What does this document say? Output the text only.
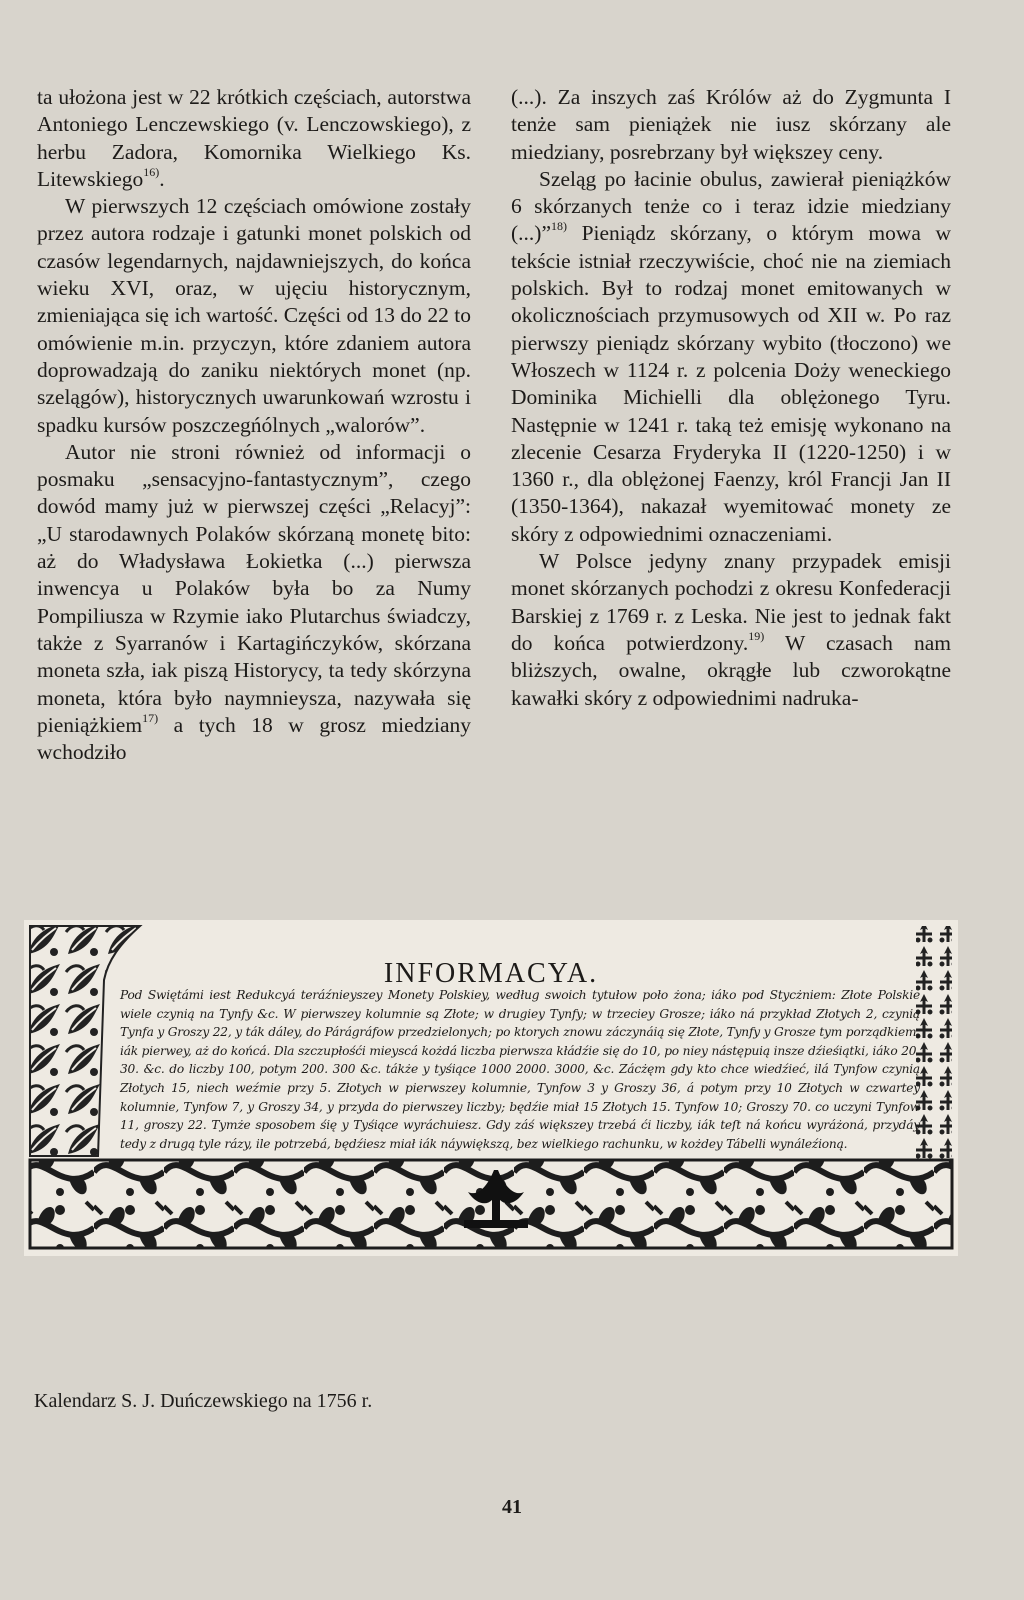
ta ułożona jest w 22 krótkich częściach, autorstwa Antoniego Lenczewskiego (v. Lenczowskiego), z herbu Zadora, Komornika Wielkiego Ks. Litewskiego$^{16)}$.

W pierwszych 12 częściach omówione zostały przez autora rodzaje i gatunki monet polskich od czasów legendarnych, najdawniejszych, do końca wieku XVI, oraz, w ujęciu historycznym, zmieniająca się ich wartość. Części od 13 do 22 to omówienie m.in. przyczyn, które zdaniem autora doprowadzają do zaniku niektórych monet (np. szelągów), historycznych uwarunkowań wzrostu i spadku kursów poszczegńólnych „walorów”.

Autor nie stroni również od informacji o posmaku „sensacyjno-fantastycznym”, czego dowód mamy już w pierwszej części „Relacyj”: „U starodawnych Polaków skórzaną monetę bito: aż do Władysława Łokietka (...) pierwsza inwencya u Polaków była bo za Numy Pompiliusza w Rzymie iako Plutarchus świadczy, także z Syarranów i Kartagińczyków, skórzana moneta szła, iak piszą Historycy, ta tedy skórzyna moneta, która było naymnieysza, nazywała się pieniążkiem$^{17)}$ a tych 18 w grosz miedziany wchodziło

(...). Za inszych zaś Królów aż do Zygmunta I tenże sam pieniążek nie iusz skórzany ale miedziany, posrebrzany był większey ceny.

Szeląg po łacinie obulus, zawierał pieniążków 6 skórzanych tenże co i teraz idzie miedziany (...)”$^{18)}$ Pieniądz skórzany, o którym mowa w tekście istniał rzeczywiście, choć nie na ziemiach polskich. Był to rodzaj monet emitowanych w okolicznościach przymusowych od XII w. Po raz pierwszy pieniądz skórzany wybito (tłoczono) we Włoszech w 1124 r. z polcenia Doży weneckiego Dominika Michielli dla oblężonego Tyru. Następnie w 1241 r. taką też emisję wykonano na zlecenie Cesarza Fryderyka II (1220-1250) i w 1360 r., dla oblężonej Faenzy, król Francji Jan II (1350-1364), nakazał wyemitować monety ze skóry z odpowiednimi oznaczeniami.

W Polsce jedyny znany przypadek emisji monet skórzanych pochodzi z okresu Konfederacji Barskiej z 1769 r. z Leska. Nie jest to jednak fakt do końca potwierdzony.$^{19)}$ W czasach nam bliższych, owalne, okrągłe lub czworokątne kawałki skóry z odpowiednimi nadruka-

INFORMACYA.
Pod Swiętámi iest Redukcyá teráźnieyszey Monety Polskiey, według swoich tytułow poło żona; iáko pod Stycżniem: Złote Polskie wiele czynią na Tynfy &c. W pierwszey kolumnie są Złote; w drugiey Tynfy; w trzeciey Grosze; iáko ná przykład Złotych 2, czynią Tynfa y Groszy 22, y ták dáley, do Párágráfow przedzielonych; po ktorych znowu záczynáią się Złote, Tynfy y Grosze tym porządkiem, iák pierwey, aż do końcá. Dla szczupłośći mieyscá kożdá liczba pierwsza kłádźie się do 10, po niey nástępuią insze dźieśiątki, iáko 20. 30. &c. do liczby 100, potym 200. 300 &c. tákże y tyśiące 1000 2000. 3000, &c. Zácżęm gdy kto chce wiedźieć, ilá Tynfow czynią Złotych 15, niech weźmie przy 5. Złotych w pierwszey kolumnie, Tynfow 3 y Groszy 36, á potym przy 10 Złotych w czwartey kolumnie, Tynfow 7, y Groszy 34, y przyda do pierwszey liczby; będźie miał 15 Złotych 15. Tynfow 10; Groszy 70. co uczyni Tynfow 11, groszy 22. Tymże sposobem śię y Tyśiące wyráchuiesz. Gdy záś większey trzebá ći liczby, iák teſt ná końcu wyráżoná, przydáy tedy z drugą tyle rázy, ile potrzebá, będźiesz miał iák náywiększą, bez wielkiego rachunku, w kożdey Tábelli wynáleźioną.
Kalendarz S. J. Duńczewskiego na 1756 r.
41
